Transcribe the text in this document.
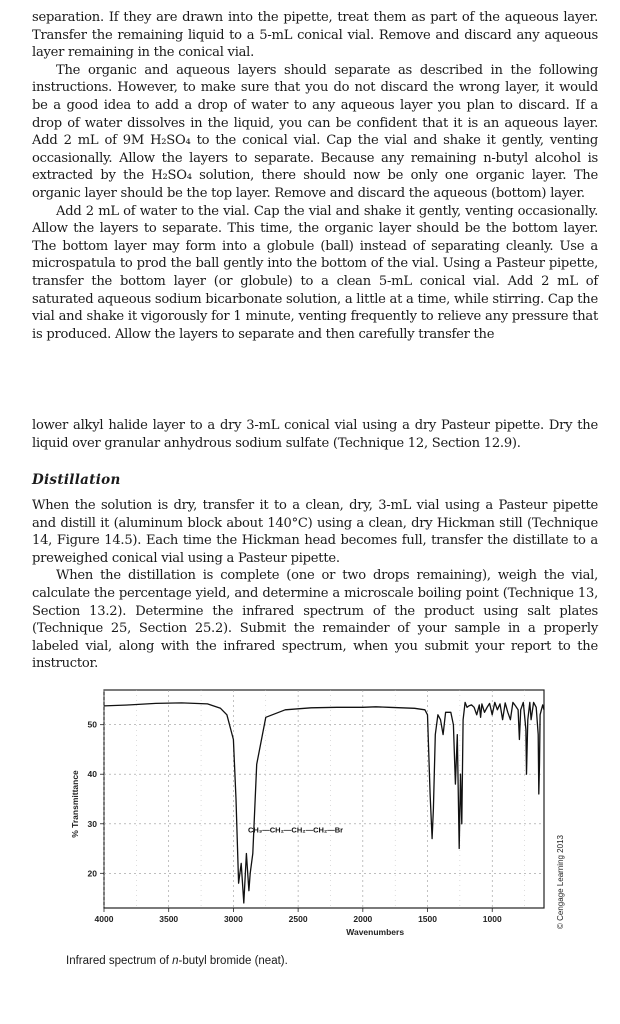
separation. If they are drawn into the pipette, treat them as part of the aqueous layer. Transfer the remaining liquid to a 5-mL conical vial. Remove and discard any aqueous layer remaining in the conical vial.

The organic and aqueous layers should separate as described in the following instructions. However, to make sure that you do not discard the wrong layer, it would be a good idea to add a drop of water to any aqueous layer you plan to discard. If a drop of water dissolves in the liquid, you can be confident that it is an aqueous layer. Add 2 mL of 9M H₂SO₄ to the conical vial. Cap the vial and shake it gently, venting occasionally. Allow the layers to separate. Because any remaining n-butyl alcohol is extracted by the H₂SO₄ solution, there should now be only one organic layer. The organic layer should be the top layer. Remove and discard the aqueous (bottom) layer.

Add 2 mL of water to the vial. Cap the vial and shake it gently, venting occasionally. Allow the layers to separate. This time, the organic layer should be the bottom layer. The bottom layer may form into a globule (ball) instead of separating cleanly. Use a microspatula to prod the ball gently into the bottom of the vial. Using a Pasteur pipette, transfer the bottom layer (or globule) to a clean 5-mL conical vial. Add 2 mL of saturated aqueous sodium bicarbonate solution, a little at a time, while stirring. Cap the vial and shake it vigorously for 1 minute, venting frequently to relieve any pressure that is produced. Allow the layers to separate and then carefully transfer the

lower alkyl halide layer to a dry 3-mL conical vial using a dry Pasteur pipette. Dry the liquid over granular anhydrous sodium sulfate (Technique 12, Section 12.9).

Distillation

When the solution is dry, transfer it to a clean, dry, 3-mL vial using a Pasteur pipette and distill it (aluminum block about 140°C) using a clean, dry Hickman still (Technique 14, Figure 14.5). Each time the Hickman head becomes full, transfer the distillate to a preweighed conical vial using a Pasteur pipette.

When the distillation is complete (one or two drops remaining), weigh the vial, calculate the percentage yield, and determine a microscale boiling point (Technique 13, Section 13.2). Determine the infrared spectrum of the product using salt plates (Technique 25, Section 25.2). Submit the remainder of your sample in a properly labeled vial, along with the infrared spectrum, when you submit your report to the instructor.

4000	3500	3000	2500	2000	1500	1000
20
30
40
50
Wavenumbers
% Transmittance	CH₃—CH₂—CH₂—CH₂—Br
© Cengage Learning 2013
Infrared spectrum of n-butyl bromide (neat).
